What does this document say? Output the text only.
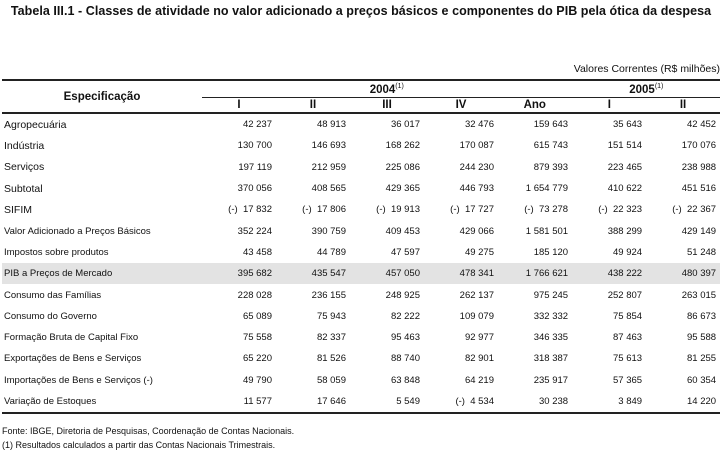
Tabela III.1 - Classes de atividade no valor adicionado a preços básicos e componentes do PIB pela ótica da despesa
Valores Correntes (R$ milhões)
Especificação	2004$^{(1)}$					2005$^{(1)}$
	I	II	III	IV	Ano	I	II
Agropecuária	42 237	48 913	36 017	32 476	159 643	35 643	42 452
Indústria	130 700	146 693	168 262	170 087	615 743	151 514	170 076
Serviços	197 119	212 959	225 086	244 230	879 393	223 465	238 988
Subtotal	370 056	408 565	429 365	446 793	1 654 779	410 622	451 516
SIFIM	(-)  17 832	(-)  17 806	(-)  19 913	(-)  17 727	(-)  73 278	(-)  22 323	(-)  22 367
Valor Adicionado a Preços Básicos	352 224	390 759	409 453	429 066	1 581 501	388 299	429 149
Impostos sobre produtos	43 458	44 789	47 597	49 275	185 120	49 924	51 248
PIB a Preços de Mercado	395 682	435 547	457 050	478 341	1 766 621	438 222	480 397
Consumo das Famílias	228 028	236 155	248 925	262 137	975 245	252 807	263 015
Consumo do Governo	65 089	75 943	82 222	109 079	332 332	75 854	86 673
Formação Bruta de Capital Fixo	75 558	82 337	95 463	92 977	346 335	87 463	95 588
Exportações de Bens e Serviços	65 220	81 526	88 740	82 901	318 387	75 613	81 255
Importações de Bens e Serviços (-)	49 790	58 059	63 848	64 219	235 917	57 365	60 354
Variação de Estoques	11 577	17 646	5 549	(-)  4 534	30 238	3 849	14 220
Fonte: IBGE, Diretoria de Pesquisas, Coordenação de Contas Nacionais.
(1) Resultados calculados a partir das Contas Nacionais Trimestrais.
